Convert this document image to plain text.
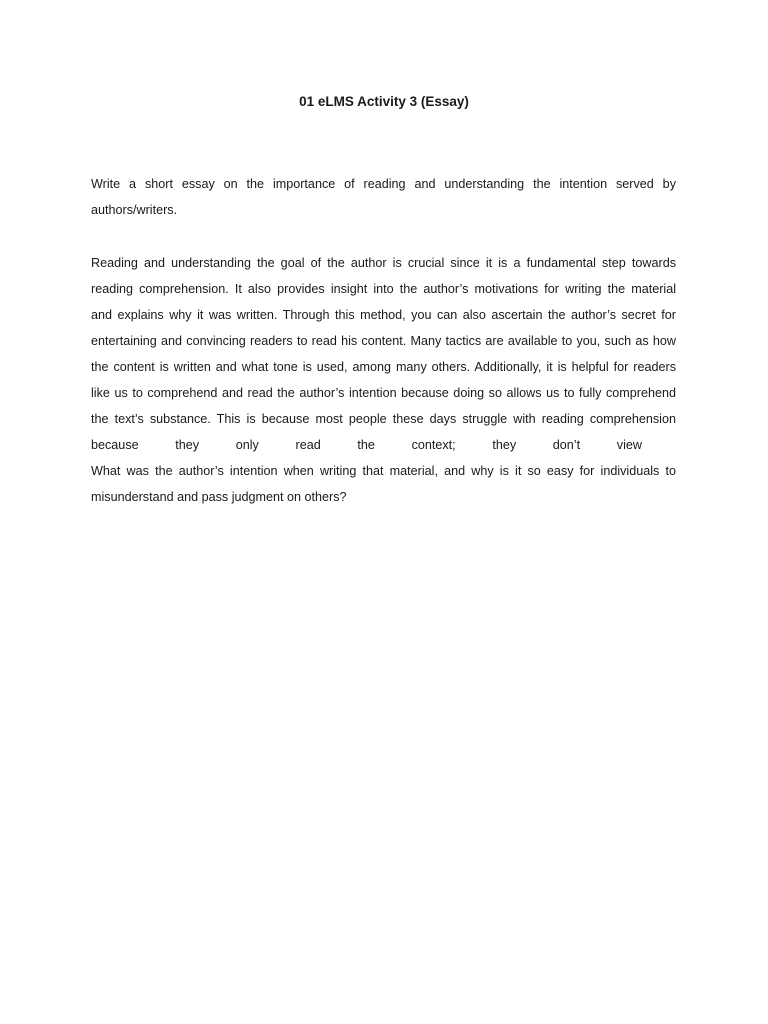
01 eLMS Activity 3 (Essay)
Write a short essay on the importance of reading and understanding the intention served by
authors/writers.
Reading and understanding the goal of the author is crucial since it is a fundamental step towards
reading comprehension. It also provides insight into the author’s motivations for writing the material
and explains why it was written. Through this method, you can also ascertain the author’s secret for
entertaining and convincing readers to read his content. Many tactics are available to you, such as how
the content is written and what tone is used, among many others. Additionally, it is helpful for readers
like us to comprehend and read the author’s intention because doing so allows us to fully comprehend
the text’s substance. This is because most people these days struggle with reading comprehension
because	they	only	read	the	context;	they	don’t	view
What was the author’s intention when writing that material, and why is it so easy for individuals to
misunderstand and pass judgment on others?
